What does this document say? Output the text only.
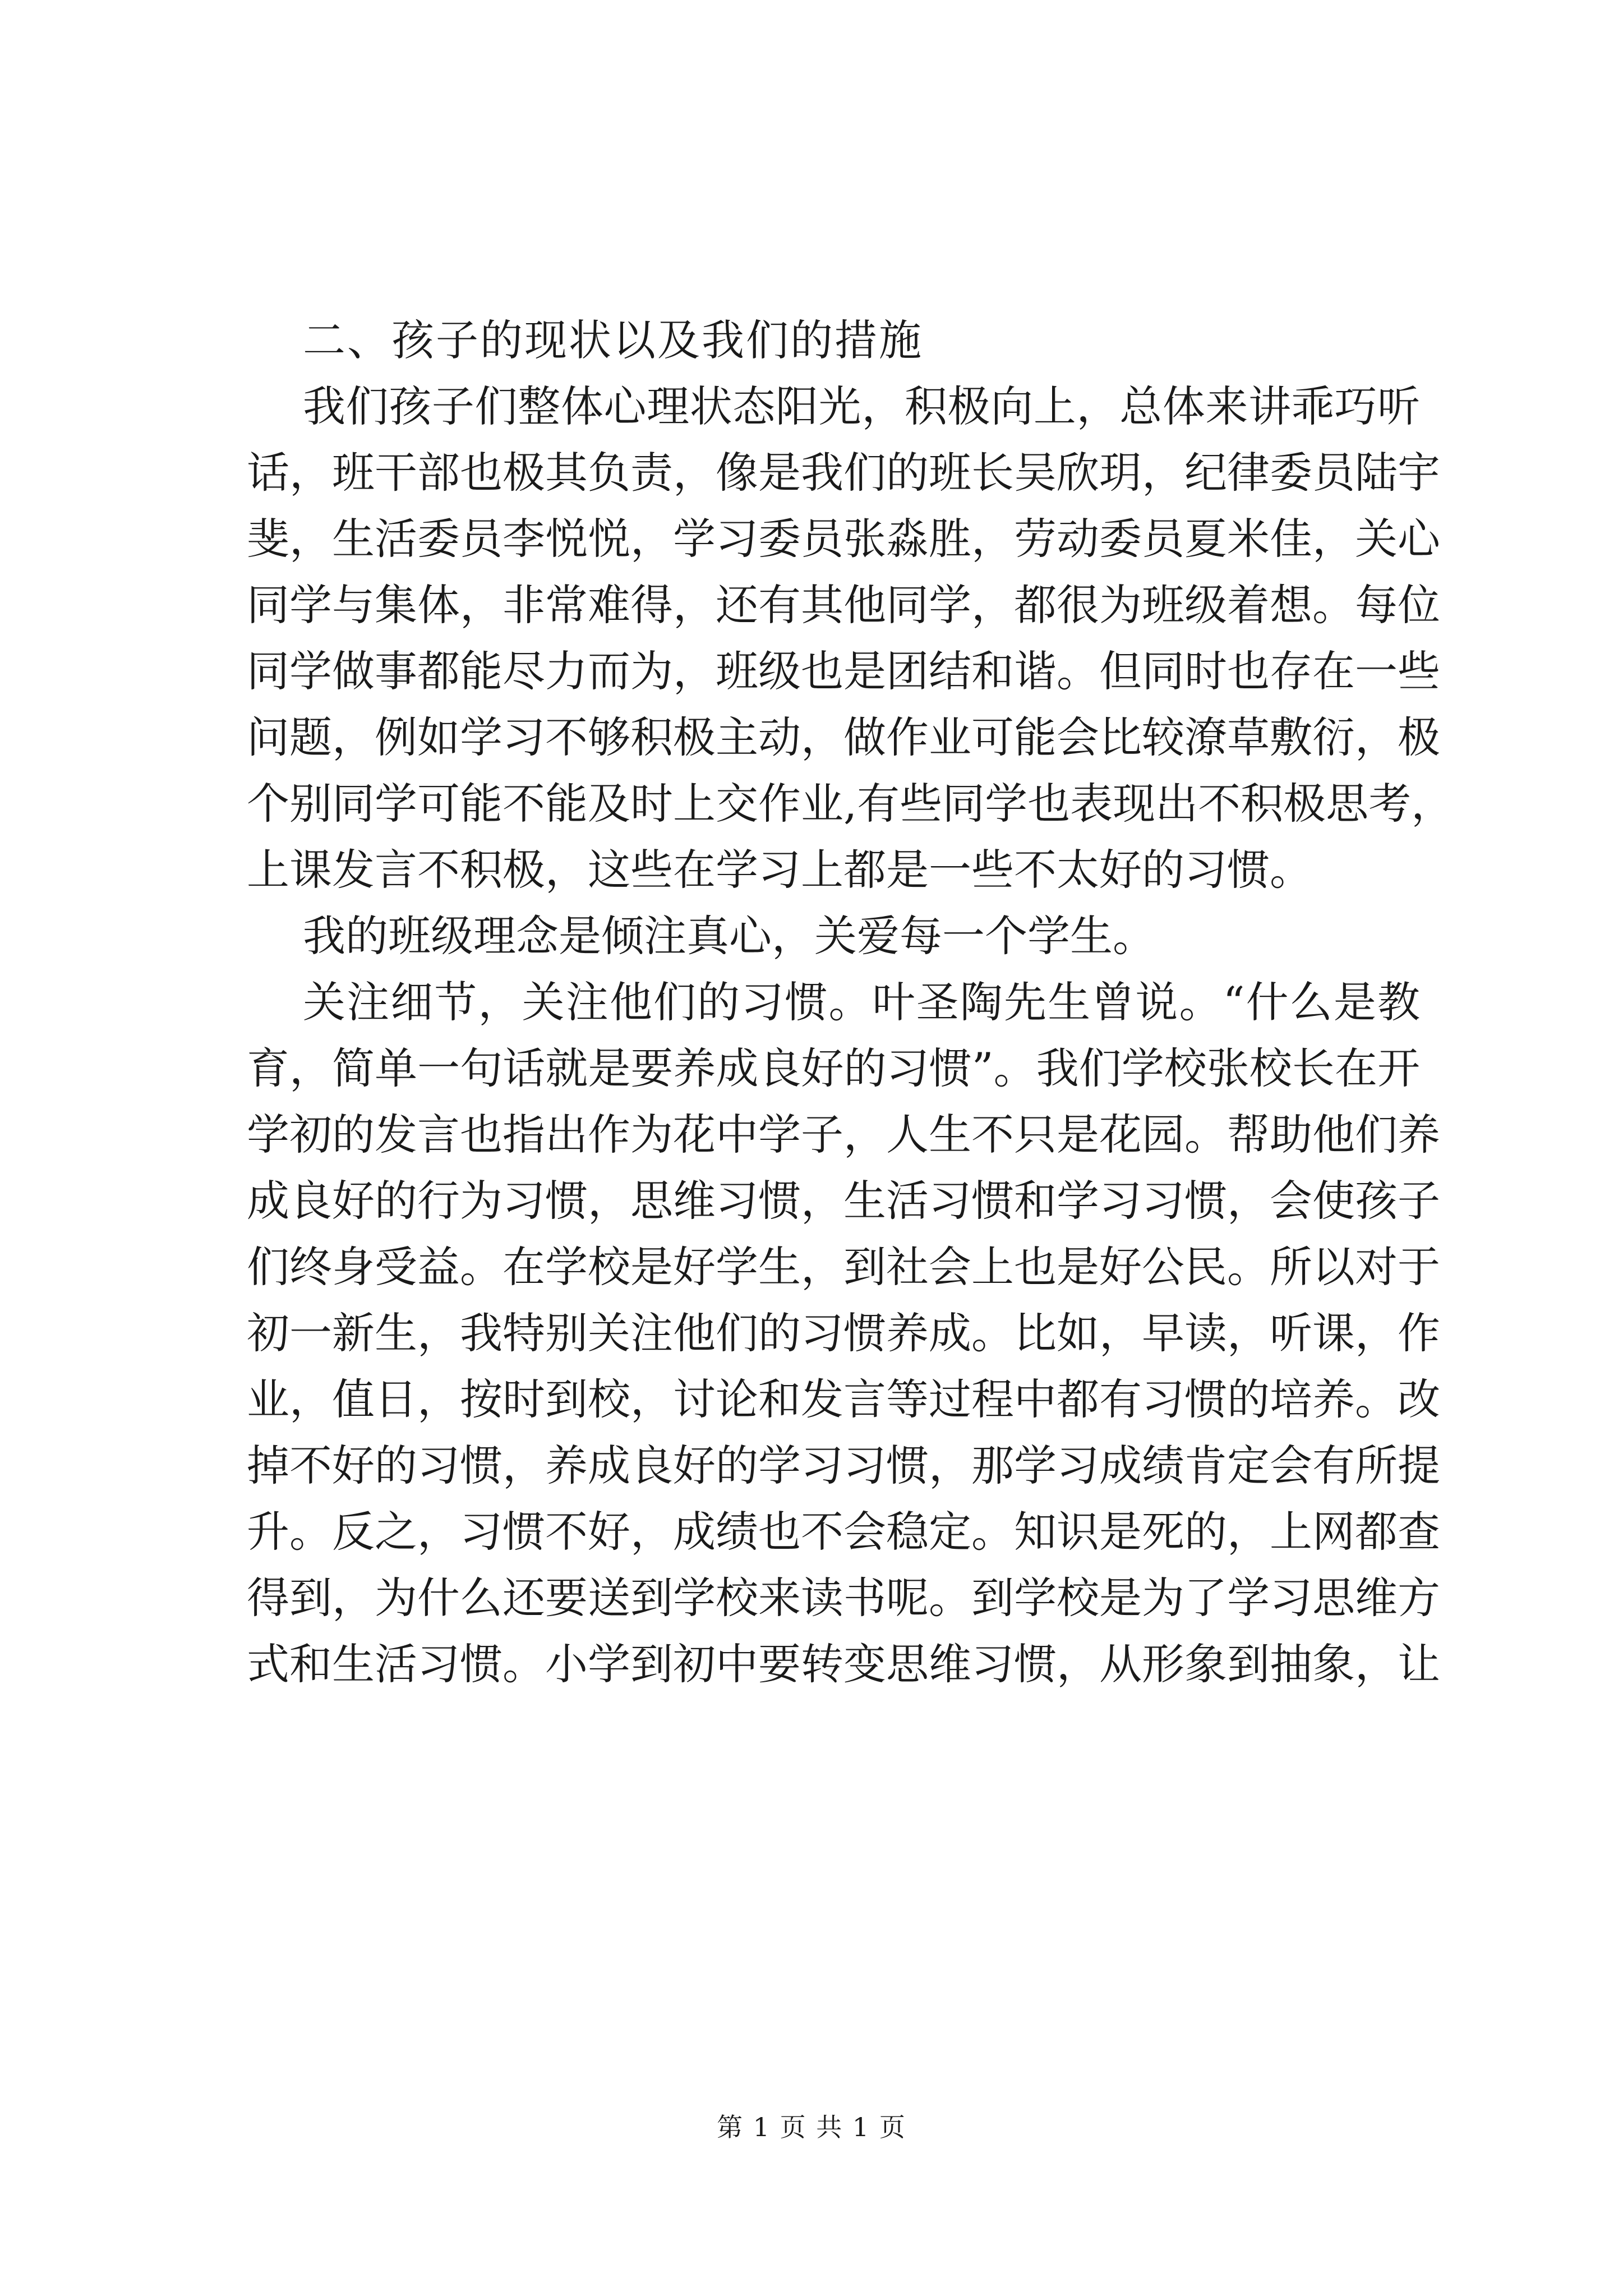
二、孩子的现状以及我们的措施

我们孩子们整体心理状态阳光，积极向上，总体来讲乖巧听
话，班干部也极其负责，像是我们的班长吴欣玥，纪律委员陆宇
斐，生活委员李悦悦，学习委员张淼胜，劳动委员夏米佳，关心
同学与集体，非常难得，还有其他同学，都很为班级着想。每位
同学做事都能尽力而为，班级也是团结和谐。但同时也存在一些
问题，例如学习不够积极主动，做作业可能会比较潦草敷衍，极
个别同学可能不能及时上交作业,有些同学也表现出不积极思考，
上课发言不积极，这些在学习上都是一些不太好的习惯。
我的班级理念是倾注真心，关爱每一个学生。
关注细节，关注他们的习惯。叶圣陶先生曾说。“什么是教
育，简单一句话就是要养成良好的习惯”。我们学校张校长在开
学初的发言也指出作为花中学子，人生不只是花园。帮助他们养
成良好的行为习惯，思维习惯，生活习惯和学习习惯，会使孩子
们终身受益。在学校是好学生，到社会上也是好公民。所以对于
初一新生，我特别关注他们的习惯养成。比如，早读，听课，作
业，值日，按时到校，讨论和发言等过程中都有习惯的培养。改
掉不好的习惯，养成良好的学习习惯，那学习成绩肯定会有所提
升。反之，习惯不好，成绩也不会稳定。知识是死的，上网都查
得到，为什么还要送到学校来读书呢。到学校是为了学习思维方
式和生活习惯。小学到初中要转变思维习惯，从形象到抽象，让
第 1 页 共 1 页
